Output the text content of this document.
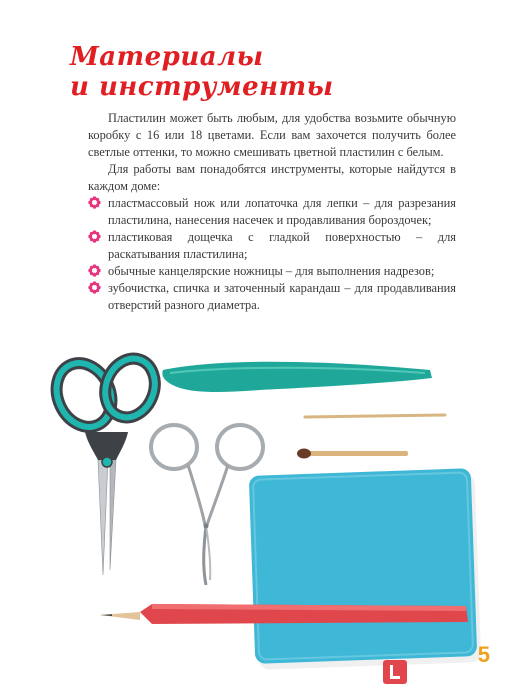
Материалы
и инструменты

Пластилин может быть любым, для удобства возьмите обычную коробку с 16 или 18 цветами. Если вам захочется получить более светлые оттенки, то можно смешивать цветной пластилин с белым.

Для работы вам понадобятся инструменты, которые найдутся в каждом доме:

пластмассовый нож или лопаточка для лепки – для разрезания пластилина, нанесения насечек и продавливания бороздочек;
пластиковая дощечка с гладкой поверхностью – для раскатывания пластилина;
обычные канцелярские ножницы – для выполнения надрезов;
зубочистка, спичка и заточенный карандаш – для продавливания отверстий разного диаметра.
5
